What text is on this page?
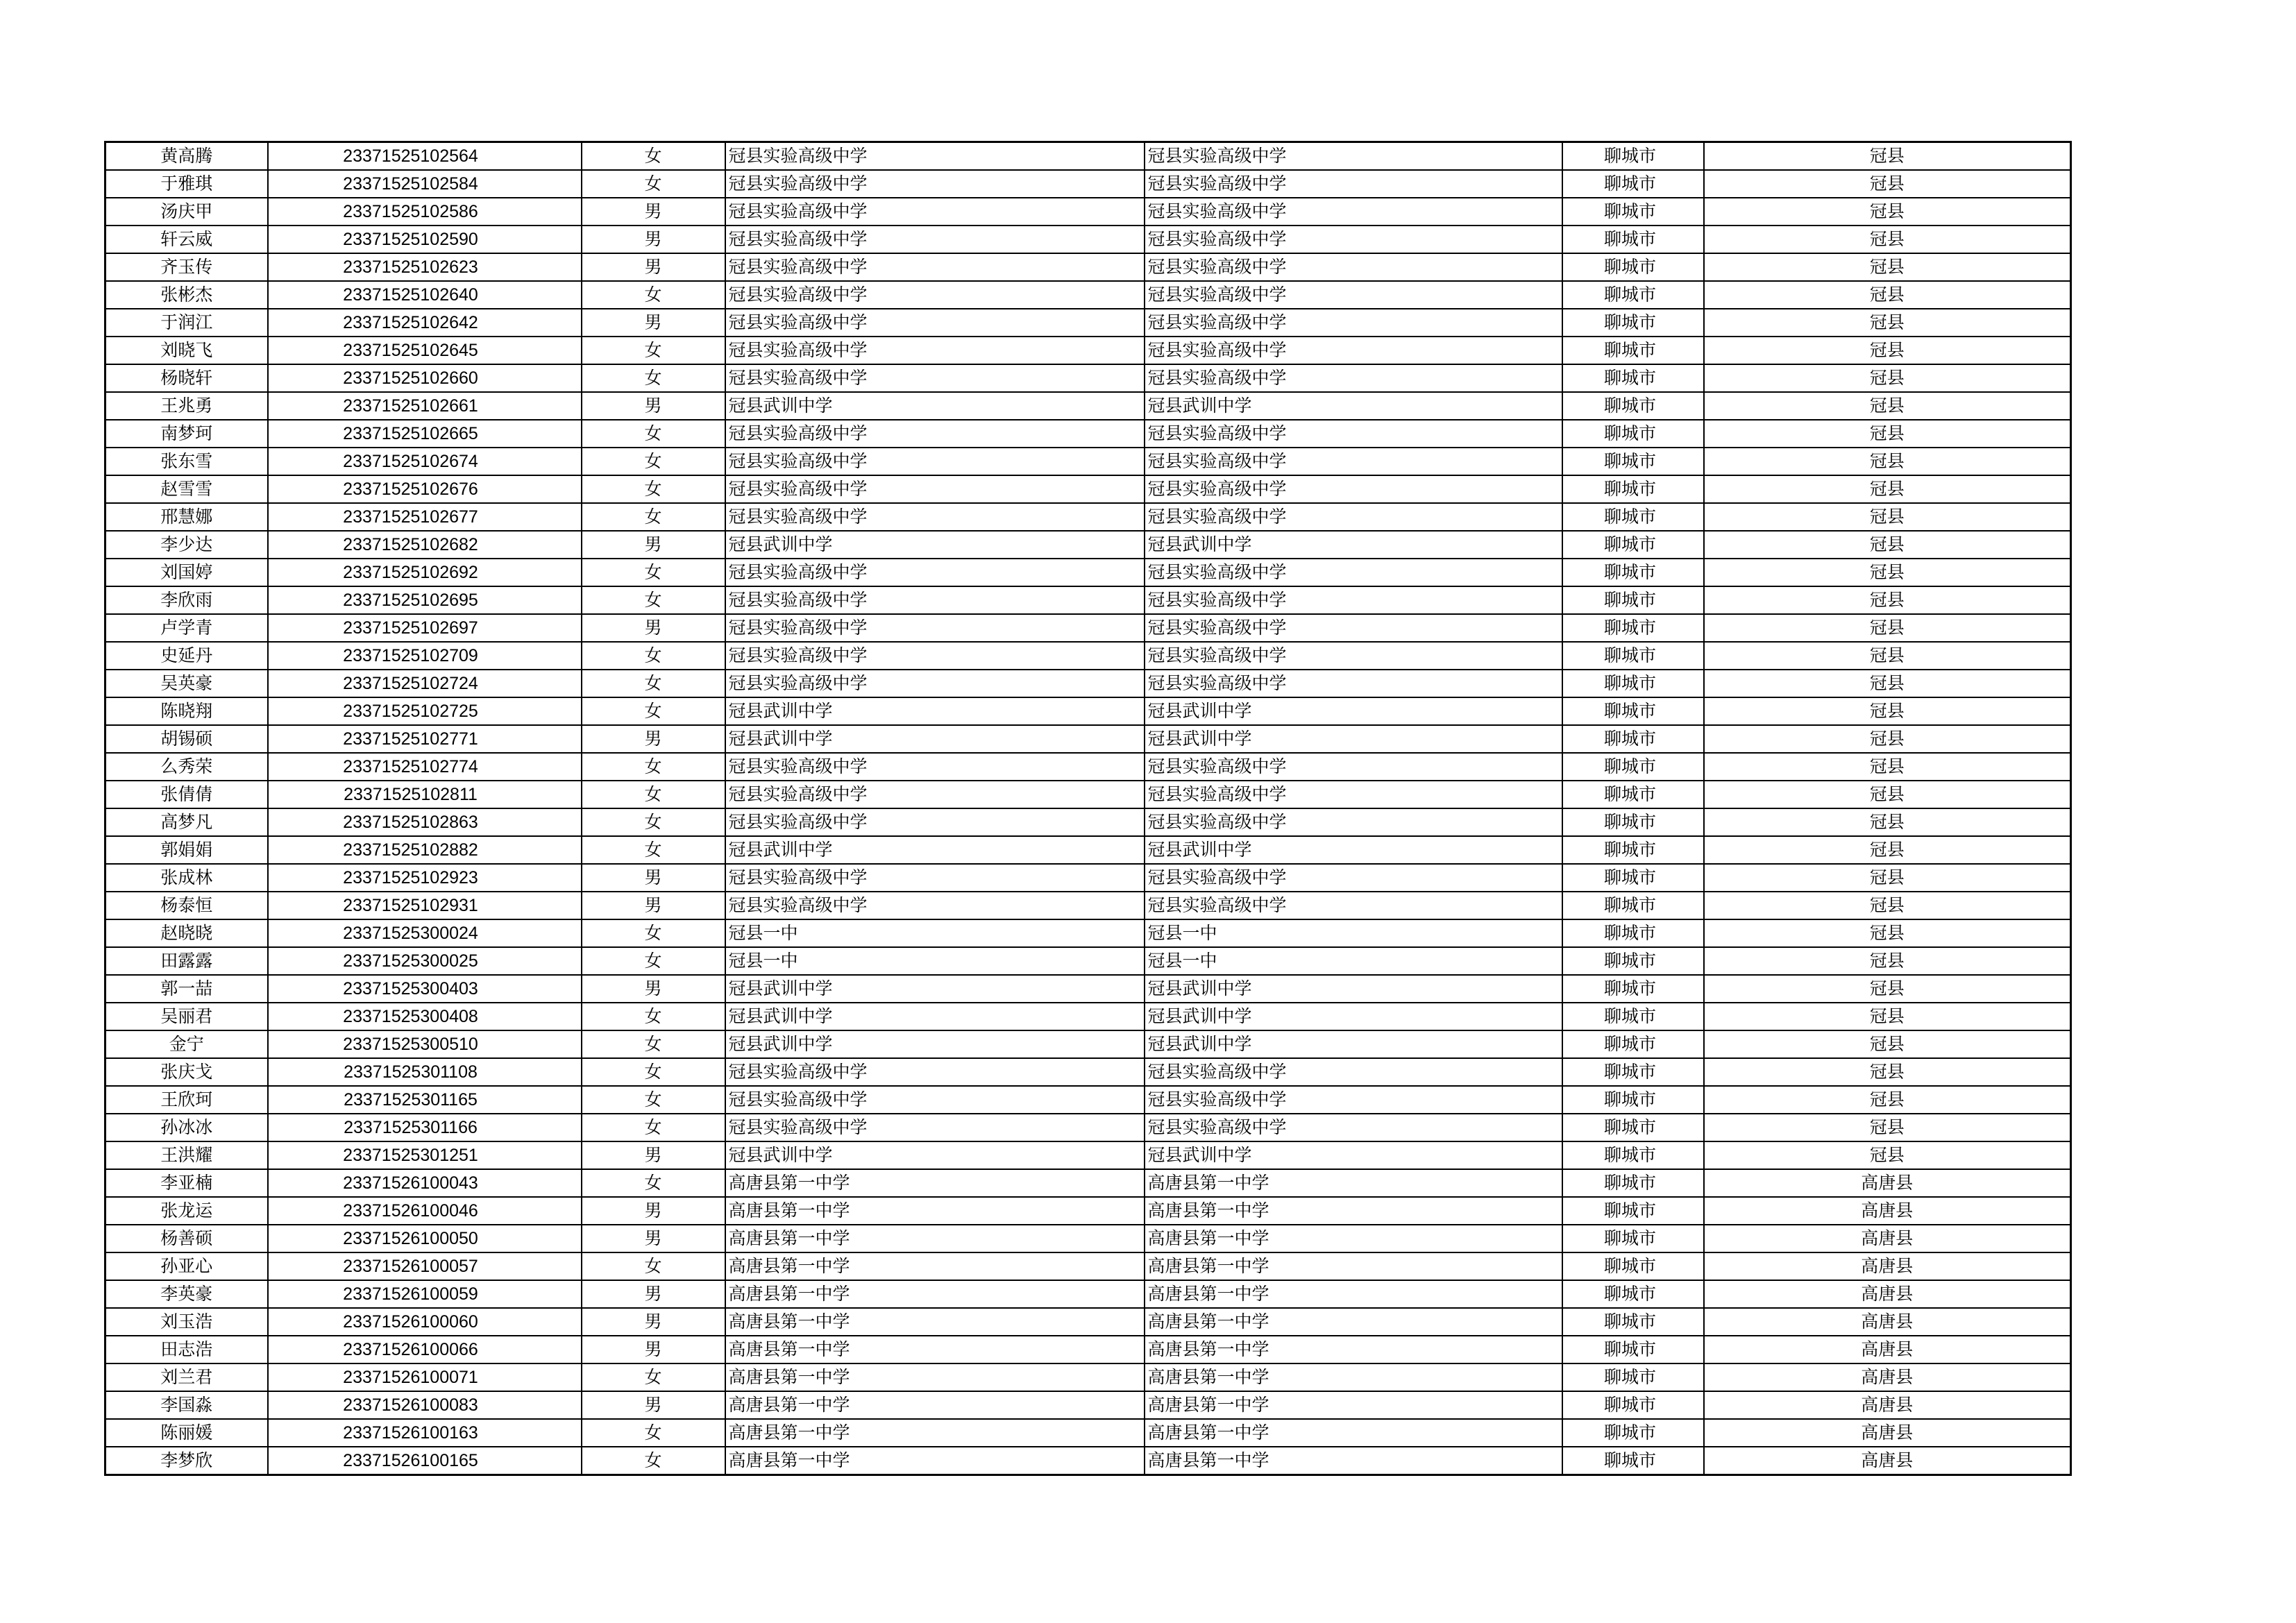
黄高腾	23371525102564	女	冠县实验高级中学	冠县实验高级中学	聊城市	冠县
于雅琪	23371525102584	女	冠县实验高级中学	冠县实验高级中学	聊城市	冠县
汤庆甲	23371525102586	男	冠县实验高级中学	冠县实验高级中学	聊城市	冠县
轩云威	23371525102590	男	冠县实验高级中学	冠县实验高级中学	聊城市	冠县
齐玉传	23371525102623	男	冠县实验高级中学	冠县实验高级中学	聊城市	冠县
张彬杰	23371525102640	女	冠县实验高级中学	冠县实验高级中学	聊城市	冠县
于润江	23371525102642	男	冠县实验高级中学	冠县实验高级中学	聊城市	冠县
刘晓飞	23371525102645	女	冠县实验高级中学	冠县实验高级中学	聊城市	冠县
杨晓轩	23371525102660	女	冠县实验高级中学	冠县实验高级中学	聊城市	冠县
王兆勇	23371525102661	男	冠县武训中学	冠县武训中学	聊城市	冠县
南梦珂	23371525102665	女	冠县实验高级中学	冠县实验高级中学	聊城市	冠县
张东雪	23371525102674	女	冠县实验高级中学	冠县实验高级中学	聊城市	冠县
赵雪雪	23371525102676	女	冠县实验高级中学	冠县实验高级中学	聊城市	冠县
邢慧娜	23371525102677	女	冠县实验高级中学	冠县实验高级中学	聊城市	冠县
李少达	23371525102682	男	冠县武训中学	冠县武训中学	聊城市	冠县
刘国婷	23371525102692	女	冠县实验高级中学	冠县实验高级中学	聊城市	冠县
李欣雨	23371525102695	女	冠县实验高级中学	冠县实验高级中学	聊城市	冠县
卢学青	23371525102697	男	冠县实验高级中学	冠县实验高级中学	聊城市	冠县
史延丹	23371525102709	女	冠县实验高级中学	冠县实验高级中学	聊城市	冠县
吴英豪	23371525102724	女	冠县实验高级中学	冠县实验高级中学	聊城市	冠县
陈晓翔	23371525102725	女	冠县武训中学	冠县武训中学	聊城市	冠县
胡锡硕	23371525102771	男	冠县武训中学	冠县武训中学	聊城市	冠县
么秀荣	23371525102774	女	冠县实验高级中学	冠县实验高级中学	聊城市	冠县
张倩倩	23371525102811	女	冠县实验高级中学	冠县实验高级中学	聊城市	冠县
高梦凡	23371525102863	女	冠县实验高级中学	冠县实验高级中学	聊城市	冠县
郭娟娟	23371525102882	女	冠县武训中学	冠县武训中学	聊城市	冠县
张成林	23371525102923	男	冠县实验高级中学	冠县实验高级中学	聊城市	冠县
杨泰恒	23371525102931	男	冠县实验高级中学	冠县实验高级中学	聊城市	冠县
赵晓晓	23371525300024	女	冠县一中	冠县一中	聊城市	冠县
田露露	23371525300025	女	冠县一中	冠县一中	聊城市	冠县
郭一喆	23371525300403	男	冠县武训中学	冠县武训中学	聊城市	冠县
吴丽君	23371525300408	女	冠县武训中学	冠县武训中学	聊城市	冠县
金宁	23371525300510	女	冠县武训中学	冠县武训中学	聊城市	冠县
张庆戈	23371525301108	女	冠县实验高级中学	冠县实验高级中学	聊城市	冠县
王欣珂	23371525301165	女	冠县实验高级中学	冠县实验高级中学	聊城市	冠县
孙冰冰	23371525301166	女	冠县实验高级中学	冠县实验高级中学	聊城市	冠县
王洪耀	23371525301251	男	冠县武训中学	冠县武训中学	聊城市	冠县
李亚楠	23371526100043	女	高唐县第一中学	高唐县第一中学	聊城市	高唐县
张龙运	23371526100046	男	高唐县第一中学	高唐县第一中学	聊城市	高唐县
杨善硕	23371526100050	男	高唐县第一中学	高唐县第一中学	聊城市	高唐县
孙亚心	23371526100057	女	高唐县第一中学	高唐县第一中学	聊城市	高唐县
李英豪	23371526100059	男	高唐县第一中学	高唐县第一中学	聊城市	高唐县
刘玉浩	23371526100060	男	高唐县第一中学	高唐县第一中学	聊城市	高唐县
田志浩	23371526100066	男	高唐县第一中学	高唐县第一中学	聊城市	高唐县
刘兰君	23371526100071	女	高唐县第一中学	高唐县第一中学	聊城市	高唐县
李国淼	23371526100083	男	高唐县第一中学	高唐县第一中学	聊城市	高唐县
陈丽媛	23371526100163	女	高唐县第一中学	高唐县第一中学	聊城市	高唐县
李梦欣	23371526100165	女	高唐县第一中学	高唐县第一中学	聊城市	高唐县
